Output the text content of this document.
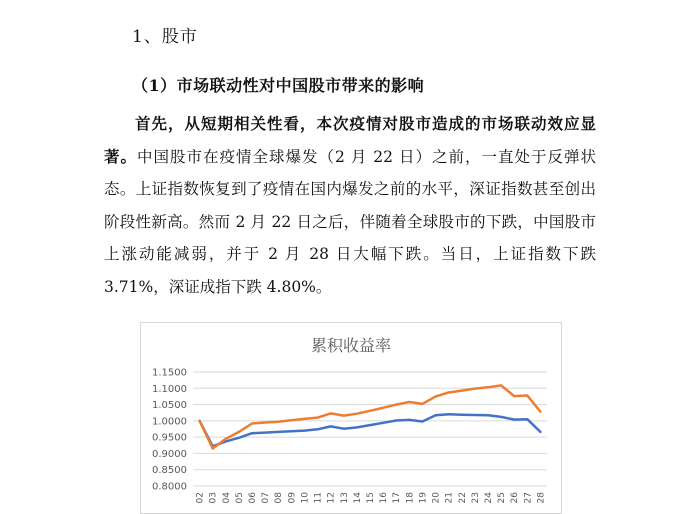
1、股市
（1）市场联动性对中国股市带来的影响
首先，从短期相关性看，本次疫情对股市造成的市场联动效应显著。中国股市在疫情全球爆发（2 月 22 日）之前，一直处于反弹状态。上证指数恢复到了疫情在国内爆发之前的水平，深证指数甚至创出阶段性新高。然而 2 月 22 日之后，伴随着全球股市的下跌，中国股市上涨动能减弱，并于 2 月 28 日大幅下跌。当日，上证指数下跌 3.71%，深证成指下跌 4.80%。
累积收益率
0.8000
0.8500
0.9000
0.9500
1.0000
1.0500
1.1000
1.1500
02 03 04 05 06 07 08 09 10 11 12 13 14 15 16 17 18 19 20 21 22 23 24 25 26 27 28
